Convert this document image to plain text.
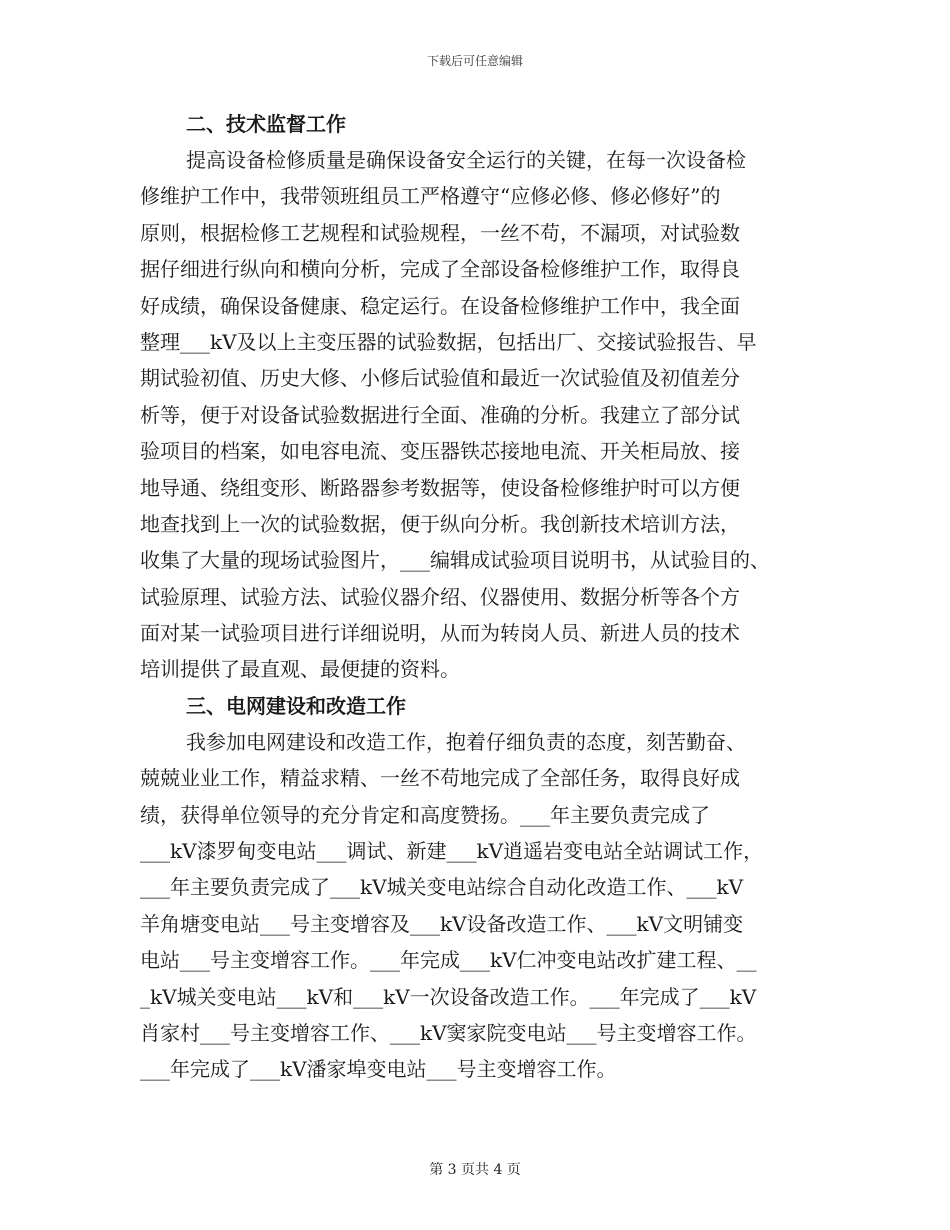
下载后可任意编辑
二、技术监督工作
提高设备检修质量是确保设备安全运行的关键，在每一次设备检
修维护工作中，我带领班组员工严格遵守“应修必修、修必修好”的
原则，根据检修工艺规程和试验规程，一丝不苟，不漏项，对试验数
据仔细进行纵向和横向分析，完成了全部设备检修维护工作，取得良
好成绩，确保设备健康、稳定运行。在设备检修维护工作中，我全面
整理___kV及以上主变压器的试验数据，包括出厂、交接试验报告、早
期试验初值、历史大修、小修后试验值和最近一次试验值及初值差分
析等，便于对设备试验数据进行全面、准确的分析。我建立了部分试
验项目的档案，如电容电流、变压器铁芯接地电流、开关柜局放、接
地导通、绕组变形、断路器参考数据等，使设备检修维护时可以方便
地查找到上一次的试验数据，便于纵向分析。我创新技术培训方法，
收集了大量的现场试验图片，___编辑成试验项目说明书，从试验目的、
试验原理、试验方法、试验仪器介绍、仪器使用、数据分析等各个方
面对某一试验项目进行详细说明，从而为转岗人员、新进人员的技术
培训提供了最直观、最便捷的资料。
三、电网建设和改造工作
我参加电网建设和改造工作，抱着仔细负责的态度，刻苦勤奋、
兢兢业业工作，精益求精、一丝不苟地完成了全部任务，取得良好成
绩，获得单位领导的充分肯定和高度赞扬。___年主要负责完成了
___kV漆罗甸变电站___调试、新建___kV逍遥岩变电站全站调试工作，
___年主要负责完成了___kV城关变电站综合自动化改造工作、___kV
羊角塘变电站___号主变增容及___kV设备改造工作、___kV文明铺变
电站___号主变增容工作。___年完成___kV仁冲变电站改扩建工程、__
_kV城关变电站___kV和___kV一次设备改造工作。___年完成了___kV
肖家村___号主变增容工作、___kV窦家院变电站___号主变增容工作。
___年完成了___kV潘家埠变电站___号主变增容工作。
第 3 页共 4 页
